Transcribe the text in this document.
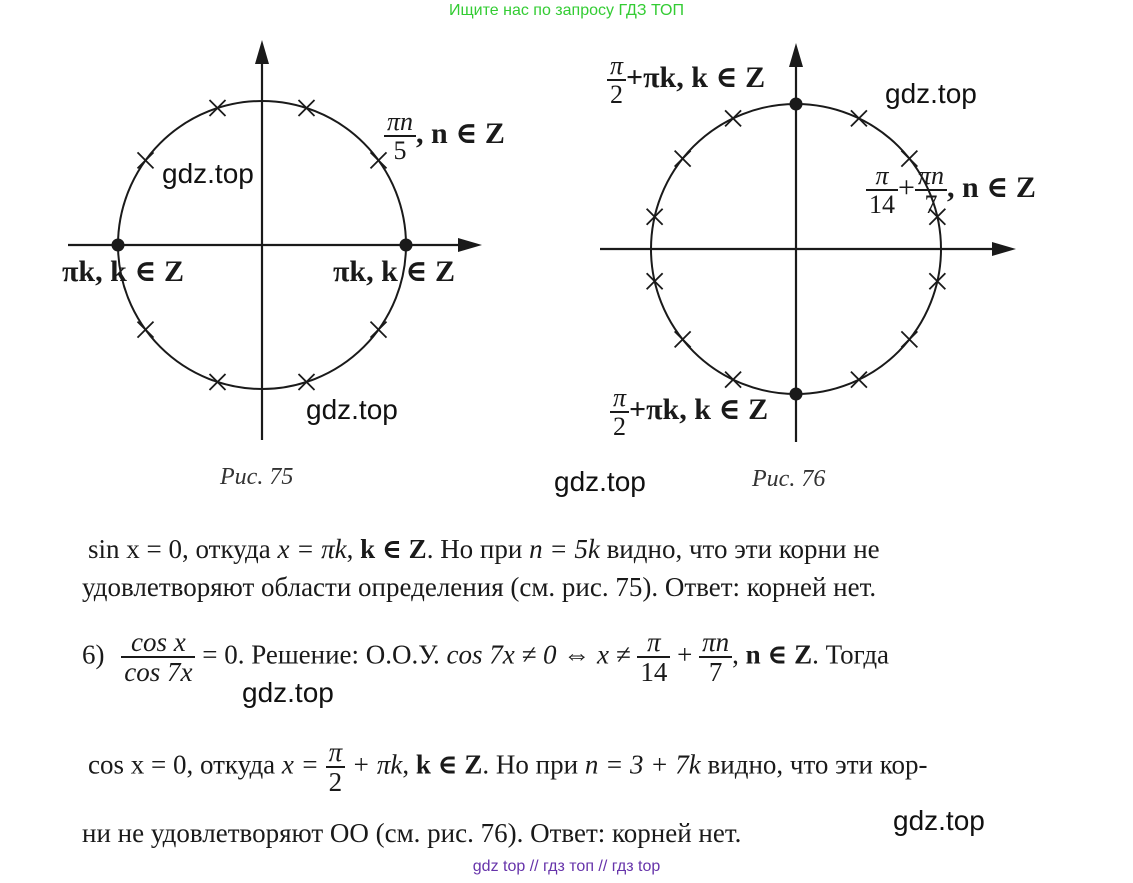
Ищите нас по запросу ГДЗ ТОП
$\frac{\pi n}{5}$ , n ∈ Z
πk, k ∈ Z	πk, k ∈ Z
Рис. 75
$\frac{\pi}{2} +\pi k$, k ∈ Z
$\frac{\pi}{14} + \frac{\pi n}{7}$ , n ∈ Z
$\frac{\pi}{2} +\pi k$, k ∈ Z
Рис. 76
gdz.top
gdz.top
gdz.top
gdz.top
gdz.top
gdz.top
sin x = 0, откуда x = πk, k ∈ Z. Но при n = 5k видно, что эти корни не
удовлетворяют области определения (см. рис. 75). Ответ: корней нет.
$6) \frac{\text{cos x}}{\cos 7x} = 0$. Решение: О.О.У. cos 7x ≠ 0 ⇔ $x \ne \frac{\pi}{14} + \frac{\pi n}{7}$ , n ∈ Z. Тогда
cos x = 0, откуда $x = \frac{\pi}{2} + \pi k$, k ∈ Z. Но при n = 3 + 7k видно, что эти кор-
ни не удовлетворяют ОО (см. рис. 76). Ответ: корней нет.
gdz top // гдз топ // гдз top
